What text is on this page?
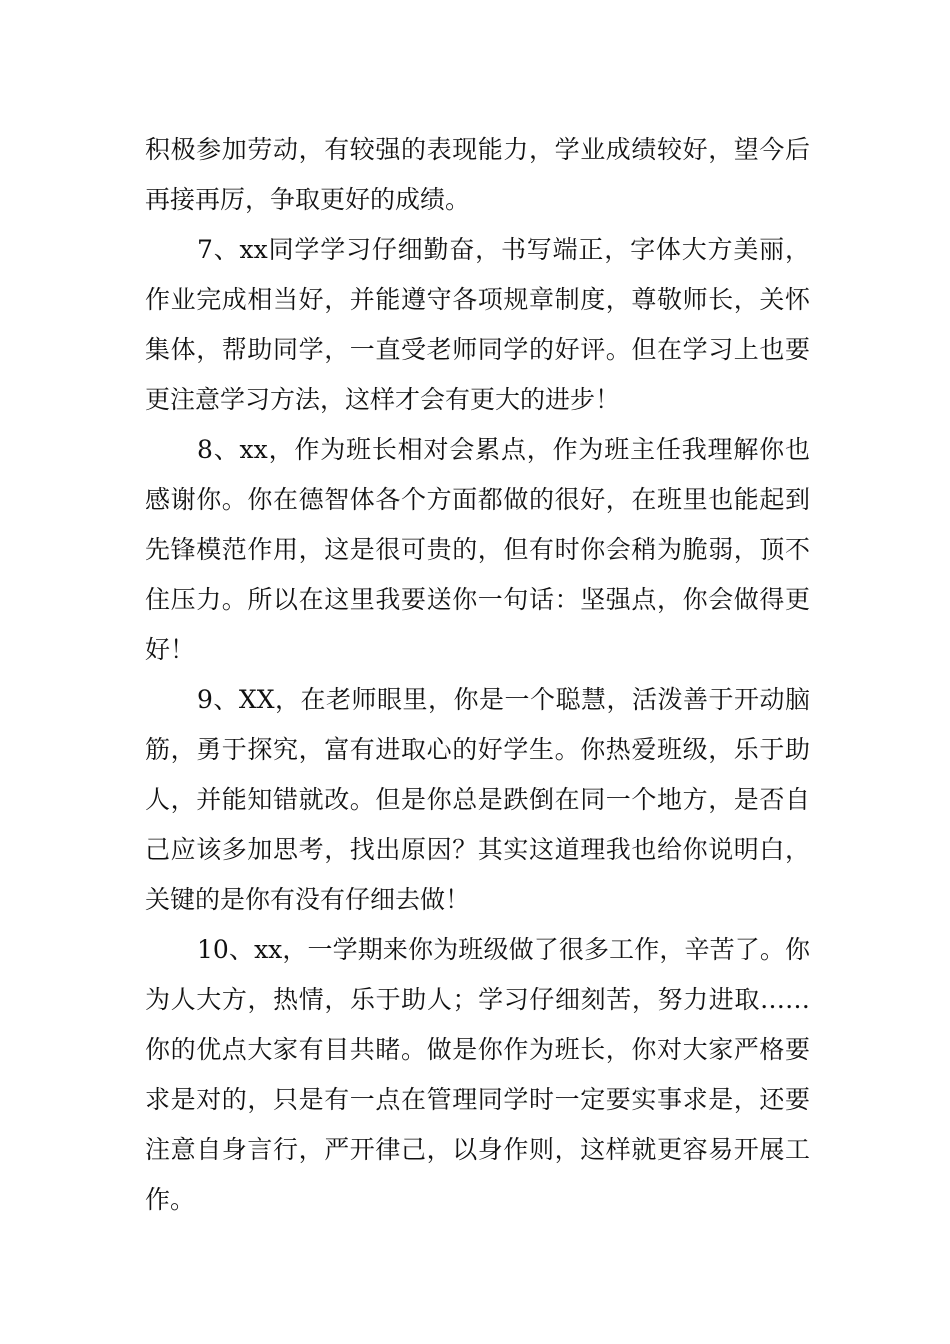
积极参加劳动，有较强的表现能力，学业成绩较好，望今后再接再厉，争取更好的成绩。

7、xx同学学习仔细勤奋，书写端正，字体大方美丽，作业完成相当好，并能遵守各项规章制度，尊敬师长，关怀集体，帮助同学，一直受老师同学的好评。但在学习上也要更注意学习方法，这样才会有更大的进步！

8、xx，作为班长相对会累点，作为班主任我理解你也感谢你。你在德智体各个方面都做的很好，在班里也能起到先锋模范作用，这是很可贵的，但有时你会稍为脆弱，顶不住压力。所以在这里我要送你一句话：坚强点，你会做得更好！

9、XX，在老师眼里，你是一个聪慧，活泼善于开动脑筋，勇于探究，富有进取心的好学生。你热爱班级，乐于助人，并能知错就改。但是你总是跌倒在同一个地方，是否自己应该多加思考，找出原因？其实这道理我也给你说明白，关键的是你有没有仔细去做！

10、xx，一学期来你为班级做了很多工作，辛苦了。你为人大方，热情，乐于助人；学习仔细刻苦，努力进取……你的优点大家有目共睹。做是你作为班长，你对大家严格要求是对的，只是有一点在管理同学时一定要实事求是，还要注意自身言行，严开律己，以身作则，这样就更容易开展工作。
